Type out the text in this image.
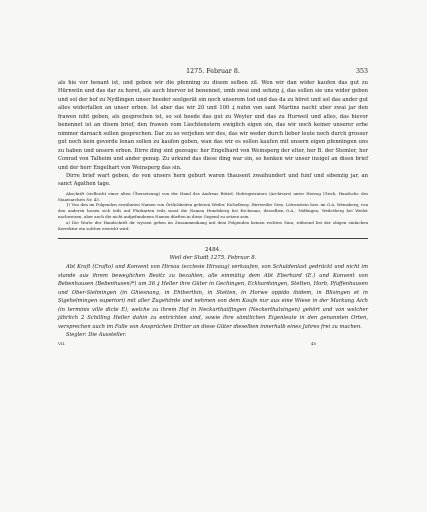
1275. Februar 8.	353

als hie vor benant ist, und geben wir die pfenning zu disem selben zil. Wen wir dan wider kaufen das gut zu Hürnwiln und das dar zu horet, als auch hiervor ist benennet, umb zwai und sehzig ₰, das sollen sie uns wider geben und sol der hof zu Nydlingen unser beeder seelgerät sin noch unserem tod und das da zu höret und sol das ander gut alles widerfallen an unser erben. Ist aber das wir 20 und 100 ₰ nuhn von sant Martins nacht uber zwai jar den frawen niht geben, als gesprochen ist, so sol beede das gut zu Weyler und das zu Hurweil und alles, das hievor benennet ist an disem brief, den frawen vom Liechtenstern ewiglich eigen sin, das wir noch keiner unserer erbe nimmer darnach sollen gesprechen. Dar zu so verjehen wir des, das wir weder durch lieber leute noch durch grosser gut noch kein geverde lenan sollen zu kaufen geben, wan das wir es sollen kaufen mit unsern eigen pfenningen uns zu haben und unsern erben. Dirre ding sint gezeuge: her Engelhard von Weinsperg der elter, her B. der Stemler, her Conrad von Talheim und ander genug. Zu urkund das diese ding war sin, so henken wir unser insigel an disen brief und der herr Engelhart von Weinsperg das sin.

Dirre brief wart geben, do von unsers hern geburt waren thausent zwaihundert und funf und sibenzig jar, an sanct Agathen tage.

Abschrift (vielleicht einer alten Übersetzung) von der Hand des Andreas Rüttel, Hofregistrators (Archivars) unter Herzog Ulrich, Handschr. des Staatsarchivs Nr. 43.

1) Von den im Folgenden erwähnten Namen von Örtlichkeiten gehören Weiler, Eichelberg, Hirrweiler Gem. Löwenstein bzw. im O.A. Weinsberg; von den anderen lassen sich teils auf Flurkarten teils sonst die Namen Hundsberg bei Eschenau, desselben O.A., Nidlingen, Weilerberg bei Weiler nachweisen, aber auch die nicht aufgefundenen Namen dürften in diese Gegend zu setzen sein.

a) Die Worte der Handschrift dir wyssen geben im Zusammenhang mit dem Folgenden keinen rechten Sinn, während bei der obigen einfachen Korrektur ein solcher erreicht wird.

2484.
Weil der Stadt 1275. Februar 8.

Abt Kraft (Crafto) und Konvent von Hirsau (ecclesie Hirsaug) verkaufen, von Schuldenlast gedrückt und nicht im stande aus ihrem beweglichen Besitz zu bezahlen, alle einmütig dem Abt Eberhard (E.) und Konvent von Bebenhausen (Bebenhusen)*) um 36 ₰ Heller ihre Güter in Gechingen, Eckhardsingen, Stetten, Horb, Pfaffenhausen und Ober-Sielmingen (in Ghiesnang, in Ehtherthin, in Stetten, in Horwe oppido ibidem, in Blisingen et in Sigehelmingen superiori) mit aller Zugehörde und nehmen von dem Kaufe nur aus eine Wiese in der Markung Aich (in terminis ville dicte E), welche zu ihrem Hof in Neckarthailfingen (Neckerthalvingen) gehört und von welcher jährlich 2 Schilling Heller dahin zu entrichten sind, sowie ihre sämtlichen Eigenleute in den genannten Orten, versprechen auch im Falle von Ansprüchen Dritter an diese Güter dieselben innerhalb eines Jahres frei zu machen.

Siegler: Die Aussteller.

VII.	45
